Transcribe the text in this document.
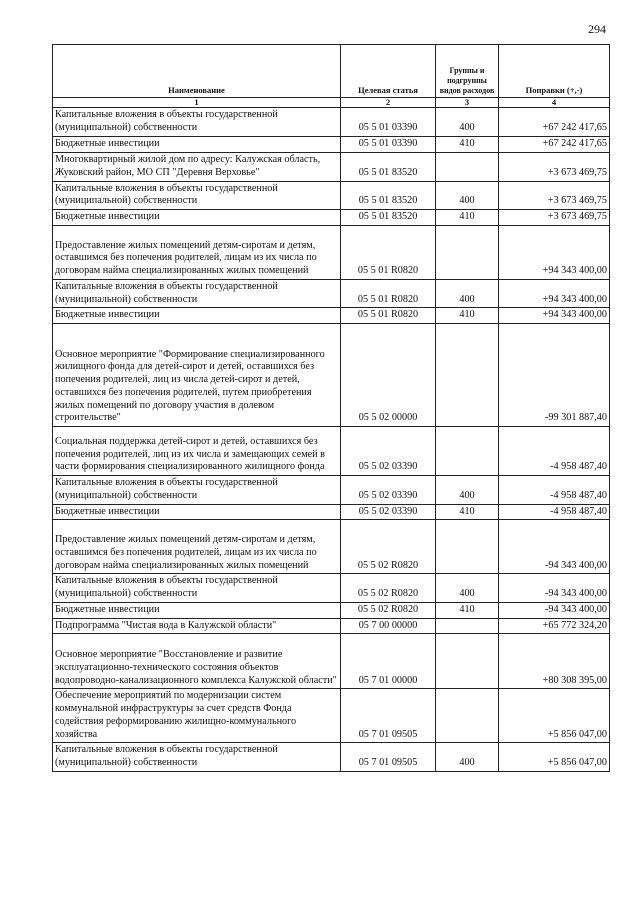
294
Наименование	Целевая статья	Группы и подгруппы видов расходов	Поправки (+,-)
1	2	3	4
Капитальные вложения в объекты государственной (муниципальной) собственности	05 5 01 03390	400	+67 242 417,65
Бюджетные инвестиции	05 5 01 03390	410	+67 242 417,65
Многоквартирный жилой дом по адресу: Калужская область, Жуковский район, МО СП "Деревня Верховье"	05 5 01 83520		+3 673 469,75
Капитальные вложения в объекты государственной (муниципальной) собственности	05 5 01 83520	400	+3 673 469,75
Бюджетные инвестиции	05 5 01 83520	410	+3 673 469,75
Предоставление жилых помещений детям-сиротам и детям, оставшимся без попечения родителей, лицам из их числа по договорам найма специализированных жилых помещений	05 5 01 R0820		+94 343 400,00
Капитальные вложения в объекты государственной (муниципальной) собственности	05 5 01 R0820	400	+94 343 400,00
Бюджетные инвестиции	05 5 01 R0820	410	+94 343 400,00
Основное мероприятие "Формирование специализированного жилищного фонда для детей-сирот и детей, оставшихся без попечения родителей, лиц из числа детей-сирот и детей, оставшихся без попечения родителей, путем приобретения жилых помещений по договору участия в долевом строительстве"	05 5 02 00000		-99 301 887,40
Социальная поддержка детей-сирот и детей, оставшихся без попечения родителей, лиц из их числа и замещающих семей в части формирования специализированного жилищного фонда	05 5 02 03390		-4 958 487,40
Капитальные вложения в объекты государственной (муниципальной) собственности	05 5 02 03390	400	-4 958 487,40
Бюджетные инвестиции	05 5 02 03390	410	-4 958 487,40
Предоставление жилых помещений детям-сиротам и детям, оставшимся без попечения родителей, лицам из их числа по договорам найма специализированных жилых помещений	05 5 02 R0820		-94 343 400,00
Капитальные вложения в объекты государственной (муниципальной) собственности	05 5 02 R0820	400	-94 343 400,00
Бюджетные инвестиции	05 5 02 R0820	410	-94 343 400,00
Подпрограмма "Чистая вода в Калужской области"	05 7 00 00000		+65 772 324,20
Основное мероприятие "Восстановление и развитие эксплуатационно-технического состояния объектов водопроводно-канализационного комплекса Калужской области"	05 7 01 00000		+80 308 395,00
Обеспечение мероприятий по модернизации систем коммунальной инфраструктуры за счет средств Фонда содействия реформированию жилищно-коммунального хозяйства	05 7 01 09505		+5 856 047,00
Капитальные вложения в объекты государственной (муниципальной) собственности	05 7 01 09505	400	+5 856 047,00
